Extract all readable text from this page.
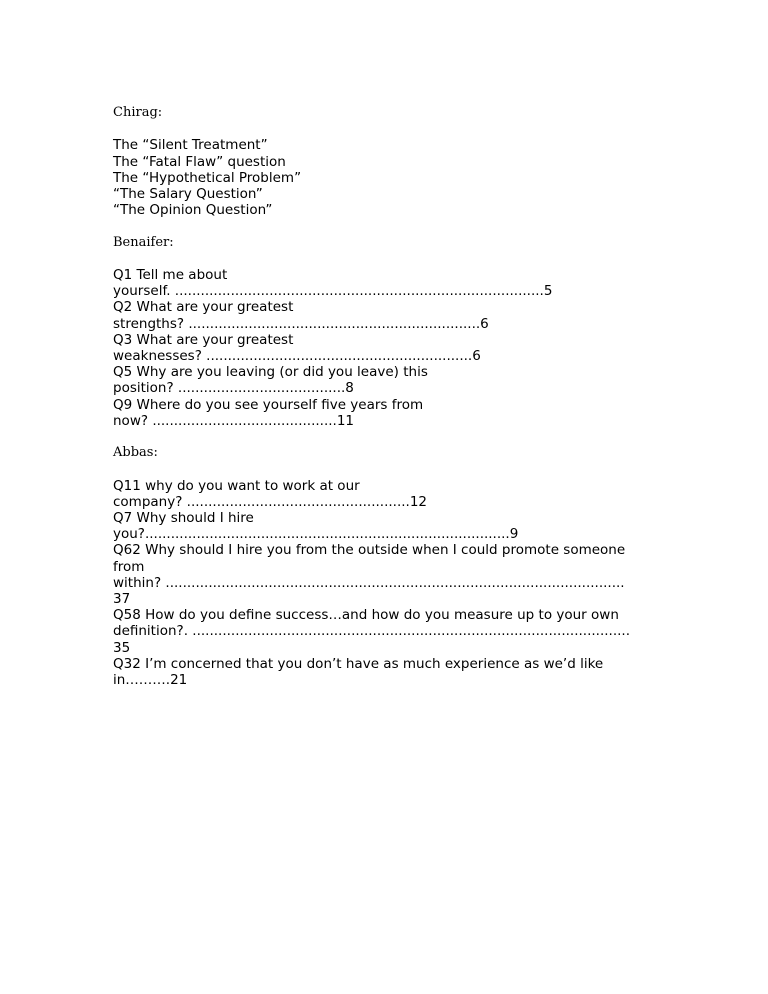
Chirag:
The “Silent Treatment”
The “Fatal Flaw” question
The “Hypothetical Problem”
“The Salary Question”
“The Opinion Question”
Benaifer:
Q1 Tell me about
yourself. ......................................................................................5
Q2 What are your greatest
strengths? ....................................................................6
Q3 What are your greatest
weaknesses? ..............................................................6
Q5 Why are you leaving (or did you leave) this
position? .......................................8
Q9 Where do you see yourself five years from
now? ...........................................11
Abbas:
Q11 why do you want to work at our
company? ....................................................12
Q7 Why should I hire
you?.....................................................................................9
Q62 Why should I hire you from the outside when I could promote someone
from
within? ...........................................................................................................
37
Q58 How do you define success…and how do you measure up to your own
definition?. ......................................................................................................
35
Q32 I’m concerned that you don’t have as much experience as we’d like
in……….21
